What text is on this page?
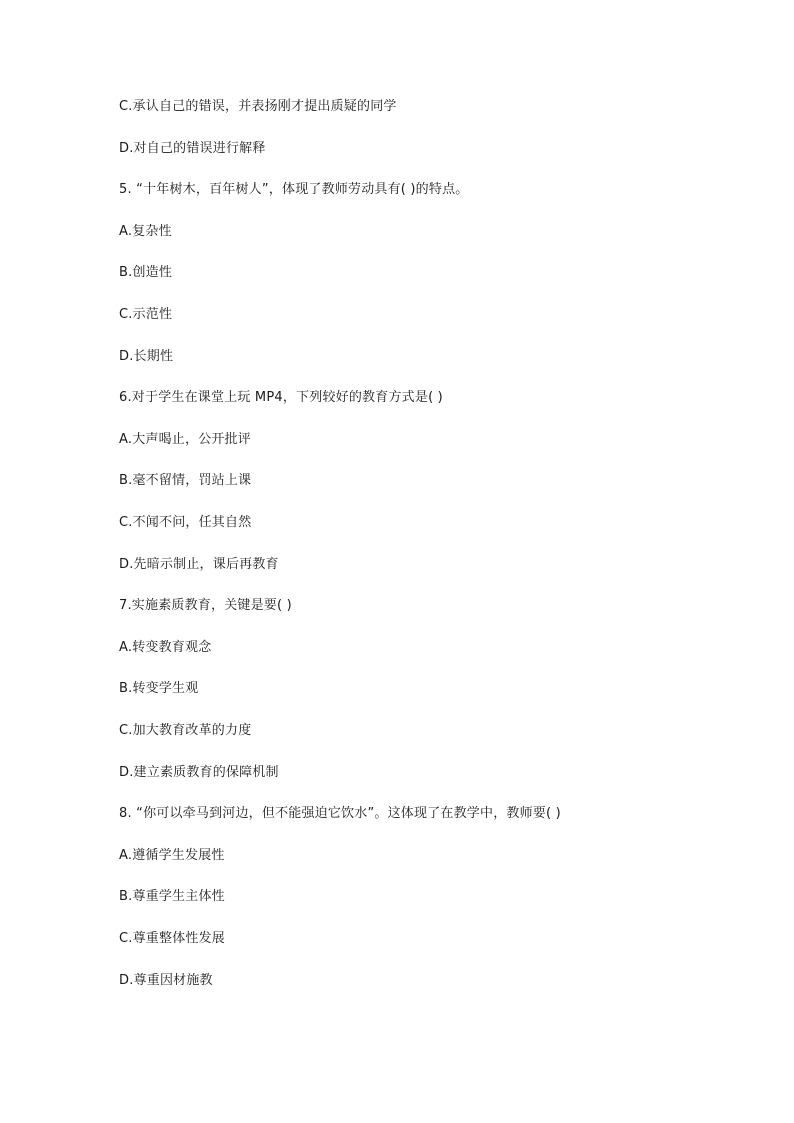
C.承认自己的错误，并表扬刚才提出质疑的同学
D.对自己的错误进行解释
5. “十年树木，百年树人”，体现了教师劳动具有( )的特点。
A.复杂性
B.创造性
C.示范性
D.长期性
6.对于学生在课堂上玩 MP4，下列较好的教育方式是( )
A.大声喝止，公开批评
B.毫不留情，罚站上课
C.不闻不问，任其自然
D.先暗示制止，课后再教育
7.实施素质教育，关键是要( )
A.转变教育观念
B.转变学生观
C.加大教育改革的力度
D.建立素质教育的保障机制
8. “你可以牵马到河边，但不能强迫它饮水”。这体现了在教学中，教师要( )
A.遵循学生发展性
B.尊重学生主体性
C.尊重整体性发展
D.尊重因材施教
